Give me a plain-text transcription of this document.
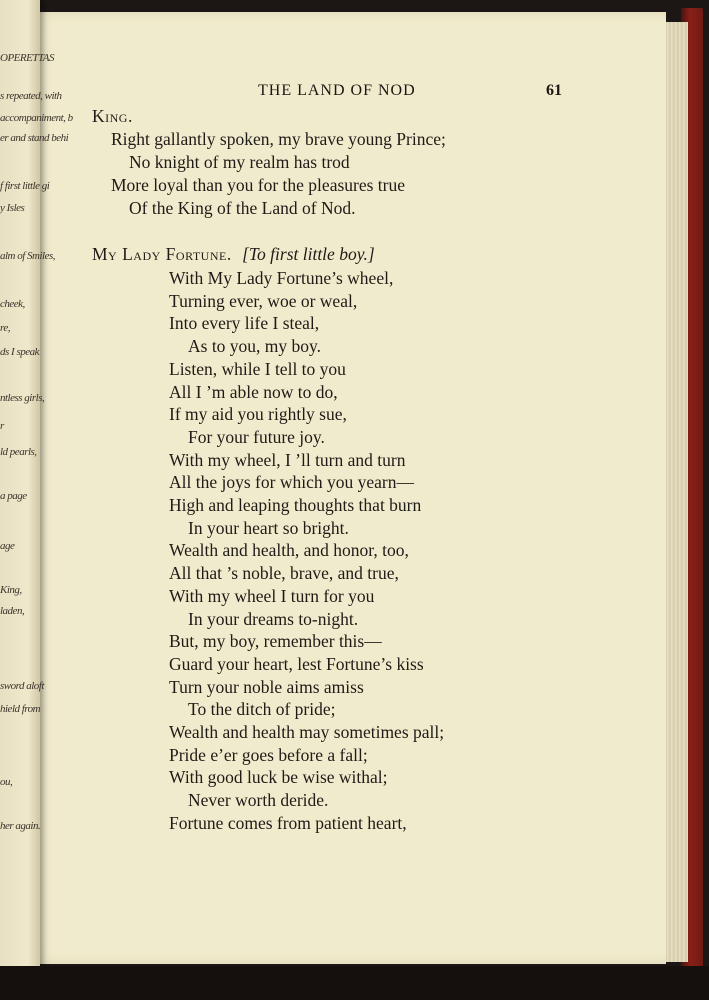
THE LAND OF NOD	61
King.
Right gallantly spoken, my brave young Prince;
No knight of my realm has trod
More loyal than you for the pleasures true
Of the King of the Land of Nod.
My Lady Fortune. [To first little boy.]
With My Lady Fortune’s wheel,
Turning ever, woe or weal,
Into every life I steal,
As to you, my boy.
Listen, while I tell to you
All I ’m able now to do,
If my aid you rightly sue,
For your future joy.
With my wheel, I ’ll turn and turn
All the joys for which you yearn—
High and leaping thoughts that burn
In your heart so bright.
Wealth and health, and honor, too,
All that ’s noble, brave, and true,
With my wheel I turn for you
In your dreams to-night.
But, my boy, remember this—
Guard your heart, lest Fortune’s kiss
Turn your noble aims amiss
To the ditch of pride;
Wealth and health may sometimes pall;
Pride e’er goes before a fall;
With good luck be wise withal;
Never worth deride.
Fortune comes from patient heart,
OPERETTAS
s repeated, with
accompaniment, b
er and stand behi
f first little gi
y Isles
alm of Smiles,
cheek,
re,
ds I speak
ntless girls,
r
ld pearls,
a page
age
King,
laden,
sword aloft
hield from
ou,
her again.
